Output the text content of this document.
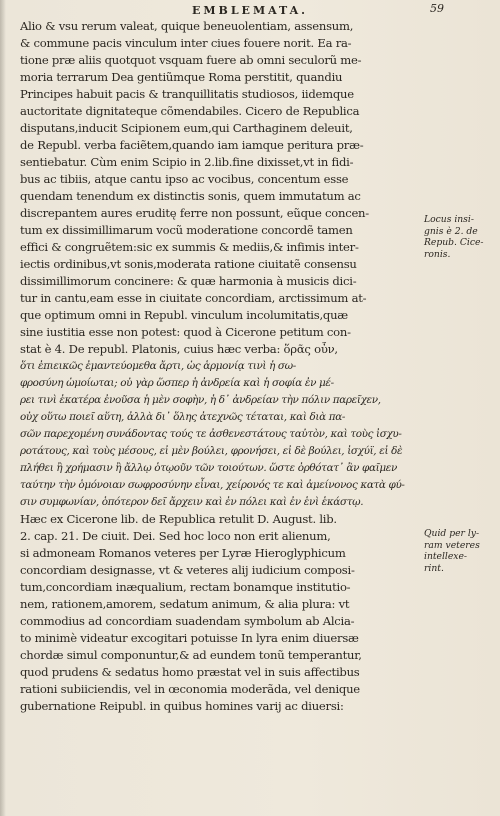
EMBLEMATA.	59
Alio & vsu rerum valeat, quique beneuolentiam, assensum,
& commune pacis vinculum inter ciues fouere norit. Ea ra-
tione præ aliis quotquot vsquam fuere ab omni seculorũ me-
moria terrarum Dea gentiũmque Roma perstitit, quandiu
Principes habuit pacis & tranquillitatis studiosos, iidemque
auctoritate dignitateque cõmendabiles. Cicero de Republica
disputans,inducit Scipionem eum,qui Carthaginem deleuit,
de Republ. verba faciẽtem,quando iam iamque peritura præ-
sentiebatur. Cùm enim Scipio in 2.lib.fine dixisset,vt in fidi-
bus ac tibiis, atque cantu ipso ac vocibus, concentum esse
quendam tenendum ex distinctis sonis, quem immutatum ac
discrepantem aures eruditę ferre non possunt, eũque concen-
tum ex dissimillimarum vocũ moderatione concordẽ tamen
effici & congruẽtem:sic ex summis & mediis,& infimis inter-
iectis ordinibus,vt sonis,moderata ratione ciuitatẽ consensu
dissimillimorum concinere: & quæ harmonia à musicis dici-
tur in cantu,eam esse in ciuitate concordiam, arctissimum at-
que optimum omni in Republ. vinculum incolumitatis,quæ
sine iustitia esse non potest: quod à Cicerone petitum con-
stat è 4. De republ. Platonis, cuius hæc verba: ὅρᾶς οὖν,
ὅτι ἐπιεικῶς ἐμαντεύομεθα ἄρτι, ὡς ἁρμονίᾳ τινὶ ἡ σω-
φροσύνη ὡμοίωται; οὐ γὰρ ὥσπερ ἡ ἀνδρεία καὶ ἡ σοφία ἐν μέ-
ρει τινὶ ἑκατέρα ἐνοῦσα ἡ μὲν σοφὴν, ἡ δ᾽ ἀνδρείαν τὴν πόλιν παρεῖχεν,
οὐχ οὕτω ποιεῖ αὕτη, ἀλλὰ δι᾽ ὅλης ἀτεχνῶς τέταται, καὶ διὰ πα-
σῶν παρεχομένη συνάδοντας τούς τε ἀσθενεστάτους ταὐτὸν, καὶ τοὺς ἰσχυ-
ροτάτους, καὶ τοὺς μέσους, εἰ μὲν βούλει, φρονήσει, εἰ δὲ βούλει, ἰσχύϊ, εἰ δὲ
πλήθει ἢ χρήμασιν ἢ ἄλλῳ ὁτῳοῦν τῶν τοιούτων. ὥστε ὀρθότατ᾽ ἂν φαῖμεν
ταύτην τὴν ὁμόνοιαν σωφροσύνην εἶναι, χείρονός τε καὶ ἀμείνονος κατὰ φύ-
σιν συμφωνίαν, ὁπότερον δεῖ ἄρχειν καὶ ἐν πόλει καὶ ἐν ἑνὶ ἑκάστῳ.
Hæc ex Cicerone lib. de Republica retulit D. August. lib.
2. cap. 21. De ciuit. Dei. Sed hoc loco non erit alienum,
si admoneam Romanos veteres per Lyræ Hieroglyphicum
concordiam designasse, vt & veteres alij iudicium composi-
tum,concordiam inæqualium, rectam bonamque institutio-
nem, rationem,amorem, sedatum animum, & alia plura: vt
commodius ad concordiam suadendam symbolum ab Alcia-
to minimè videatur excogitari potuisse In lyra enim diuersæ
chordæ simul componuntur,& ad eundem tonũ temperantur,
quod prudens & sedatus homo præstat vel in suis affectibus
rationi subiiciendis, vel in œconomia moderãda, vel denique
gubernatione Reipubl. in quibus homines varij ac diuersi:
Locus insi-
gnis è 2. de
Repub. Cice-
ronis.
Quid per ly-
ram veteres
intellexe-
rint.
